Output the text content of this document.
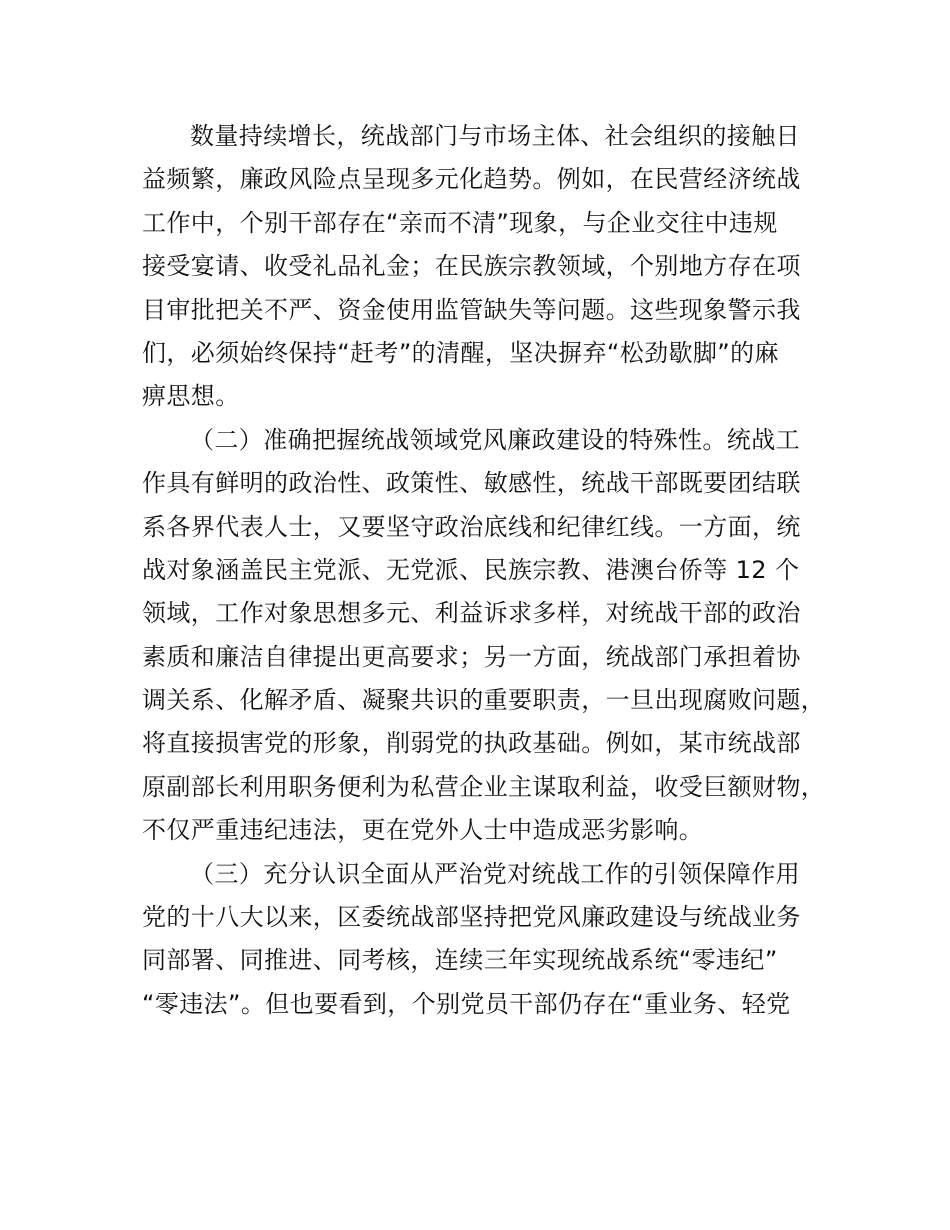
数量持续增长，统战部门与市场主体、社会组织的接触日
益频繁，廉政风险点呈现多元化趋势。例如，在民营经济统战
工作中，个别干部存在“亲而不清”现象，与企业交往中违规
接受宴请、收受礼品礼金；在民族宗教领域，个别地方存在项
目审批把关不严、资金使用监管缺失等问题。这些现象警示我
们，必须始终保持“赶考”的清醒，坚决摒弃“松劲歇脚”的麻
痹思想。
（二）准确把握统战领域党风廉政建设的特殊性。统战工
作具有鲜明的政治性、政策性、敏感性，统战干部既要团结联
系各界代表人士，又要坚守政治底线和纪律红线。一方面，统
战对象涵盖民主党派、无党派、民族宗教、港澳台侨等 12 个
领域，工作对象思想多元、利益诉求多样，对统战干部的政治
素质和廉洁自律提出更高要求；另一方面，统战部门承担着协
调关系、化解矛盾、凝聚共识的重要职责，一旦出现腐败问题，
将直接损害党的形象，削弱党的执政基础。例如，某市统战部
原副部长利用职务便利为私营企业主谋取利益，收受巨额财物，
不仅严重违纪违法，更在党外人士中造成恶劣影响。
（三）充分认识全面从严治党对统战工作的引领保障作用
党的十八大以来，区委统战部坚持把党风廉政建设与统战业务
同部署、同推进、同考核，连续三年实现统战系统“零违纪”
“零违法”。但也要看到，个别党员干部仍存在“重业务、轻党
